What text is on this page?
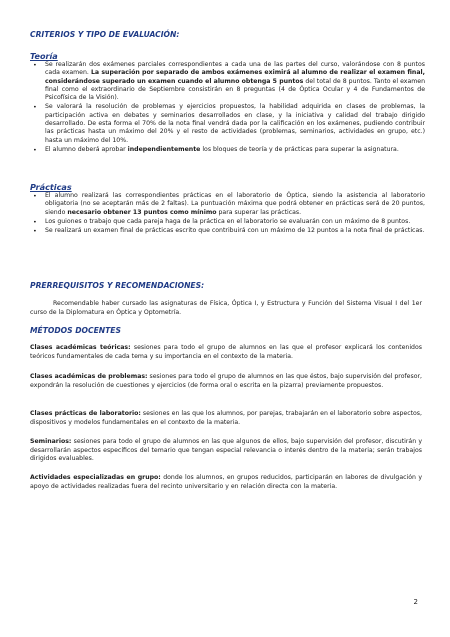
CRITERIOS Y TIPO DE EVALUACIÓN:
Teoría
• Se realizarán dos exámenes parciales correspondientes a cada una de las partes del curso, valorándose con 8 puntos cada examen. La superación por separado de ambos exámenes eximirá al alumno de realizar el examen final, considerándose superado un examen cuando el alumno obtenga 5 puntos del total de 8 puntos. Tanto el examen final como el extraordinario de Septiembre consistirán en 8 preguntas (4 de Óptica Ocular y 4 de Fundamentos de Psicofísica de la Visión).
• Se valorará la resolución de problemas y ejercicios propuestos, la habilidad adquirida en clases de problemas, la participación activa en debates y seminarios desarrollados en clase, y la iniciativa y calidad del trabajo dirigido desarrollado. De esta forma el 70% de la nota final vendrá dada por la calificación en los exámenes, pudiendo contribuir las prácticas hasta un máximo del 20% y el resto de actividades (problemas, seminarios, actividades en grupo, etc.) hasta un máximo del 10%.
• El alumno deberá aprobar independientemente los bloques de teoría y de prácticas para superar la asignatura.
Prácticas
• El alumno realizará las correspondientes prácticas en el laboratorio de Óptica, siendo la asistencia al laboratorio obligatoria (no se aceptarán más de 2 faltas). La puntuación máxima que podrá obtener en prácticas será de 20 puntos, siendo necesario obtener 13 puntos como mínimo para superar las prácticas.
• Los guiones o trabajo que cada pareja haga de la práctica en el laboratorio se evaluarán con un máximo de 8 puntos.
• Se realizará un examen final de prácticas escrito que contribuirá con un máximo de 12 puntos a la nota final de prácticas.
PRERREQUISITOS Y RECOMENDACIONES:
Recomendable haber cursado las asignaturas de Física, Óptica I, y Estructura y Función del Sistema Visual I del 1er curso de la Diplomatura en Óptica y Optometría.
MÉTODOS DOCENTES
Clases académicas teóricas: sesiones para todo el grupo de alumnos en las que el profesor explicará los contenidos teóricos fundamentales de cada tema y su importancia en el contexto de la materia.
Clases académicas de problemas: sesiones para todo el grupo de alumnos en las que éstos, bajo supervisión del profesor, expondrán la resolución de cuestiones y ejercicios (de forma oral o escrita en la pizarra) previamente propuestos.
Clases prácticas de laboratorio: sesiones en las que los alumnos, por parejas, trabajarán en el laboratorio sobre aspectos, dispositivos y modelos fundamentales en el contexto de la materia.
Seminarios: sesiones para todo el grupo de alumnos en las que algunos de ellos, bajo supervisión del profesor, discutirán y desarrollarán aspectos específicos del temario que tengan especial relevancia o interés dentro de la materia; serán trabajos dirigidos evaluables.
Actividades especializadas en grupo: donde los alumnos, en grupos reducidos, participarán en labores de divulgación y apoyo de actividades realizadas fuera del recinto universitario y en relación directa con la materia.
2
